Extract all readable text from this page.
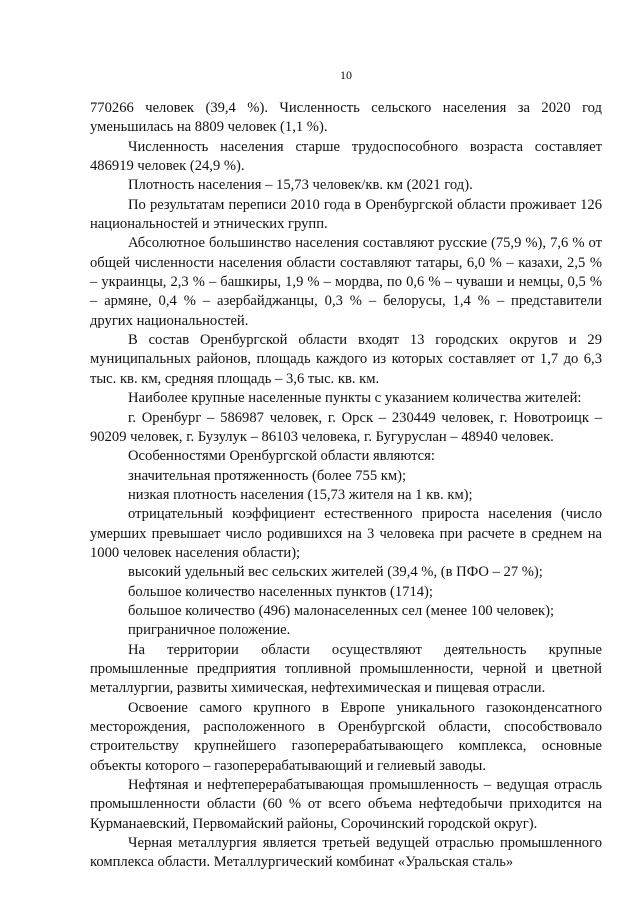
10

770266 человек (39,4 %). Численность сельского населения за 2020 год уменьшилась на 8809 человек (1,1 %).

Численность населения старше трудоспособного возраста составляет 486919 человек (24,9 %).

Плотность населения – 15,73 человек/кв. км (2021 год).

По результатам переписи 2010 года в Оренбургской области проживает 126 национальностей и этнических групп.

Абсолютное большинство населения составляют русские (75,9 %), 7,6 % от общей численности населения области составляют татары, 6,0 % – казахи, 2,5 % – украинцы, 2,3 % – башкиры, 1,9 % – мордва, по 0,6 % – чуваши и немцы, 0,5 % – армяне, 0,4 % – азербайджанцы, 0,3 % – белорусы, 1,4 % – представители других национальностей.

В состав Оренбургской области входят 13 городских округов и 29 муниципальных районов, площадь каждого из которых составляет от 1,7 до 6,3 тыс. кв. км, средняя площадь – 3,6 тыс. кв. км.

Наиболее крупные населенные пункты с указанием количества жителей:

г. Оренбург – 586987 человек, г. Орск – 230449 человек, г. Новотроицк – 90209 человек, г. Бузулук – 86103 человека, г. Бугуруслан – 48940 человек.

Особенностями Оренбургской области являются:

значительная протяженность (более 755 км);

низкая плотность населения (15,73 жителя на 1 кв. км);

отрицательный коэффициент естественного прироста населения (число умерших превышает число родившихся на 3 человека при расчете в среднем на 1000 человек населения области);

высокий удельный вес сельских жителей (39,4 %, (в ПФО – 27 %);

большое количество населенных пунктов (1714);

большое количество (496) малонаселенных сел (менее 100 человек);

приграничное положение.

На территории области осуществляют деятельность крупные промышленные предприятия топливной промышленности, черной и цветной металлургии, развиты химическая, нефтехимическая и пищевая отрасли.

Освоение самого крупного в Европе уникального газоконденсатного месторождения, расположенного в Оренбургской области, способствовало строительству крупнейшего газоперерабатывающего комплекса, основные объекты которого – газоперерабатывающий и гелиевый заводы.

Нефтяная и нефтеперерабатывающая промышленность – ведущая отрасль промышленности области (60 % от всего объема нефтедобычи приходится на Курманаевский, Первомайский районы, Сорочинский городской округ).

Черная металлургия является третьей ведущей отраслью промышленного комплекса области. Металлургический комбинат «Уральская сталь»
